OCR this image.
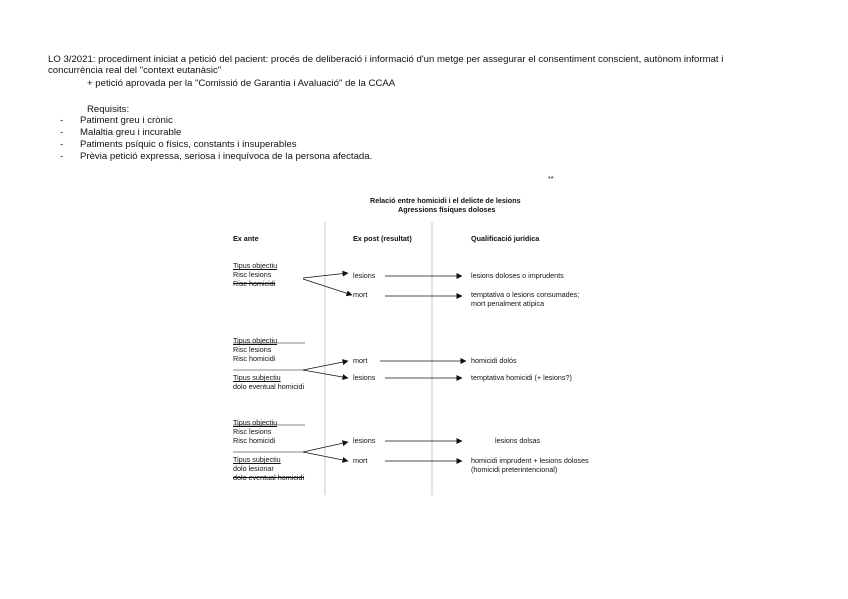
LO 3/2021: procediment iniciat a petició del pacient: procés de deliberació i informació d'un metge per assegurar el consentiment conscient, autònom informat i
concurrència real del "context eutanàsic"
+ petició aprovada per la "Comissió de Garantia i Avaluació" de la CCAA
Requisits:
- Patiment greu i crònic
- Malaltia greu i incurable
- Patiments psíquic o físics, constants i insuperables
- Prèvia petició expressa, seriosa i inequívoca de la persona afectada.
**
Relació entre homicidi i el delicte de lesions
Agressions físiques doloses
Ex ante	Ex post (resultat)	Qualificació jurídica
Tipus objectiu
Risc lesions
Risc homicidi
lesions
mort
lesions doloses o imprudents
temptativa o lesions consumades;
mort penalment atípica
Tipus objectiu
Risc lesions
Risc homicidi
Tipus subjectiu
dolo eventual homicidi
mort
lesions
homicidi dolós
temptativa homicidi (+ lesions?)
Tipus objectiu
Risc lesions
Risc homicidi
Tipus subjectiu
dolo lesionar
dolo eventual homicidi
lesions
mort
lesions dolsas
homicidi imprudent + lesions doloses
(homicidi preterintencional)
